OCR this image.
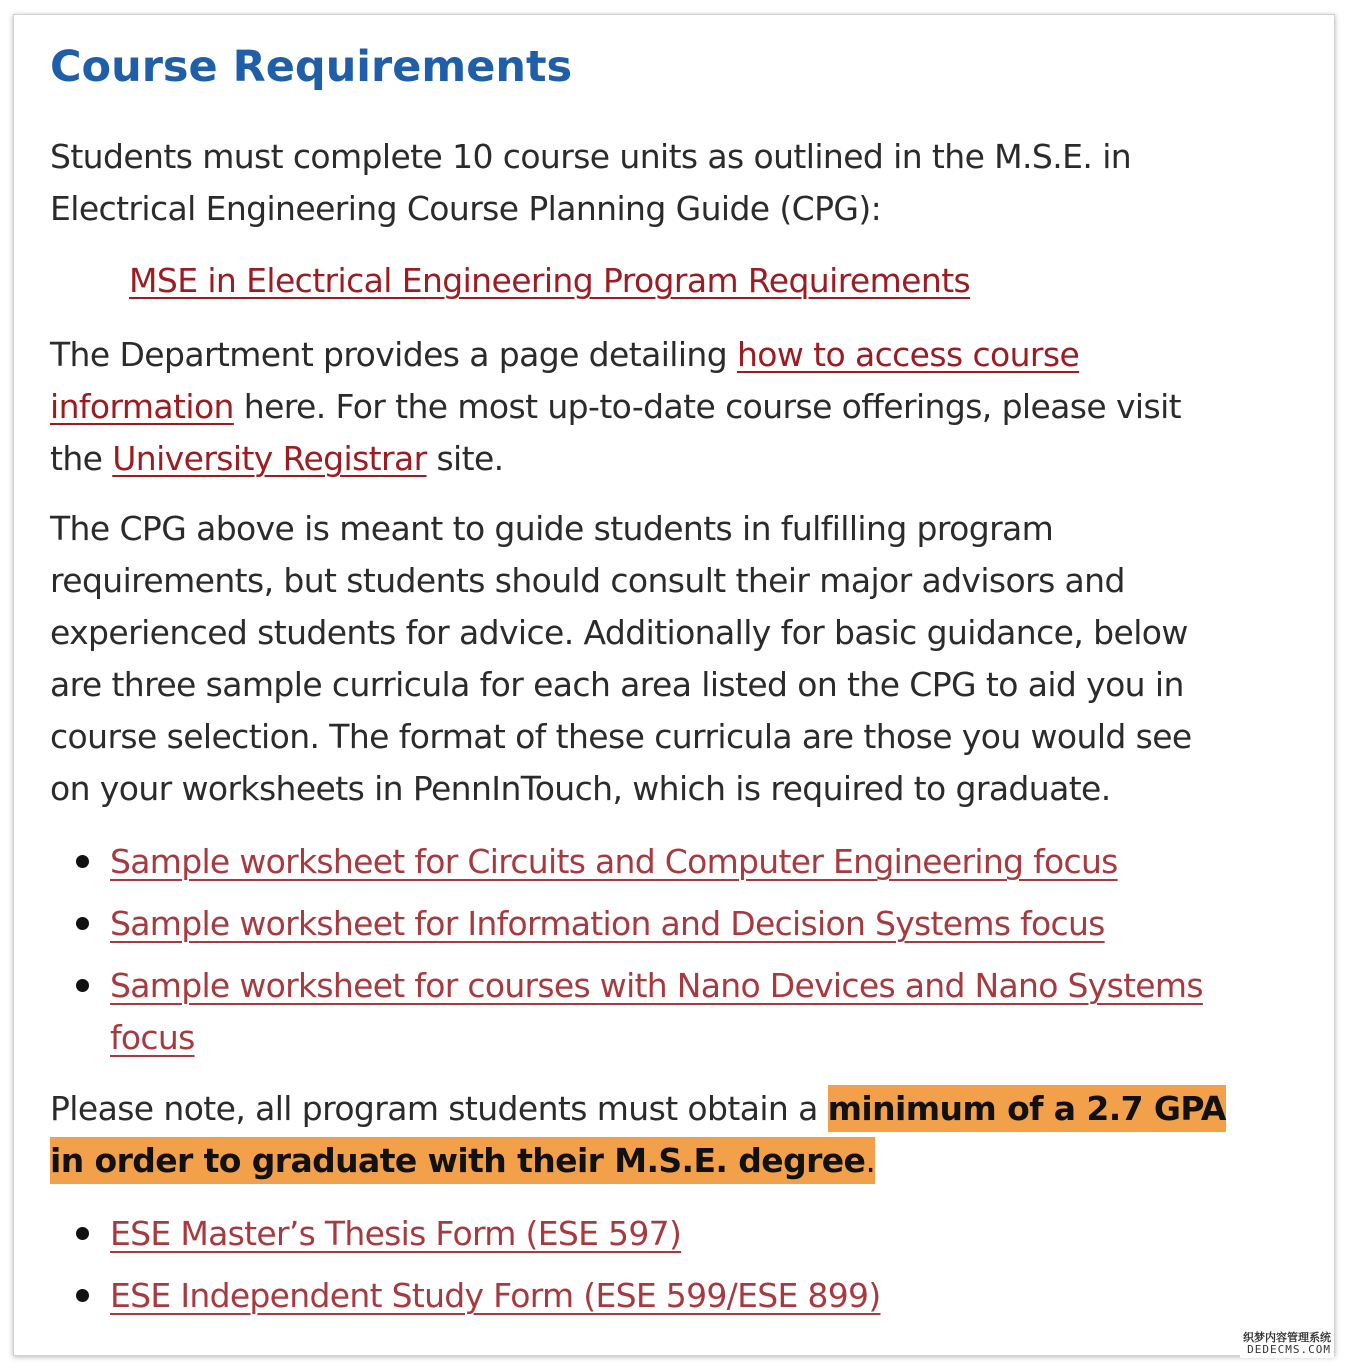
Course Requirements

Students must complete 10 course units as outlined in the M.S.E. in
Electrical Engineering Course Planning Guide (CPG):

MSE in Electrical Engineering Program Requirements

The Department provides a page detailing how to access course
information here. For the most up-to-date course offerings, please visit
the University Registrar site.

The CPG above is meant to guide students in fulfilling program
requirements, but students should consult their major advisors and
experienced students for advice. Additionally for basic guidance, below
are three sample curricula for each area listed on the CPG to aid you in
course selection. The format of these curricula are those you would see
on your worksheets in PennInTouch, which is required to graduate.

Sample worksheet for Circuits and Computer Engineering focus
Sample worksheet for Information and Decision Systems focus
Sample worksheet for courses with Nano Devices and Nano Systems
focus

Please note, all program students must obtain a minimum of a 2.7 GPA
in order to graduate with their M.S.E. degree.

ESE Master’s Thesis Form (ESE 597)
ESE Independent Study Form (ESE 599/ESE 899)
织梦内容管理系统
DEDECMS.COM
